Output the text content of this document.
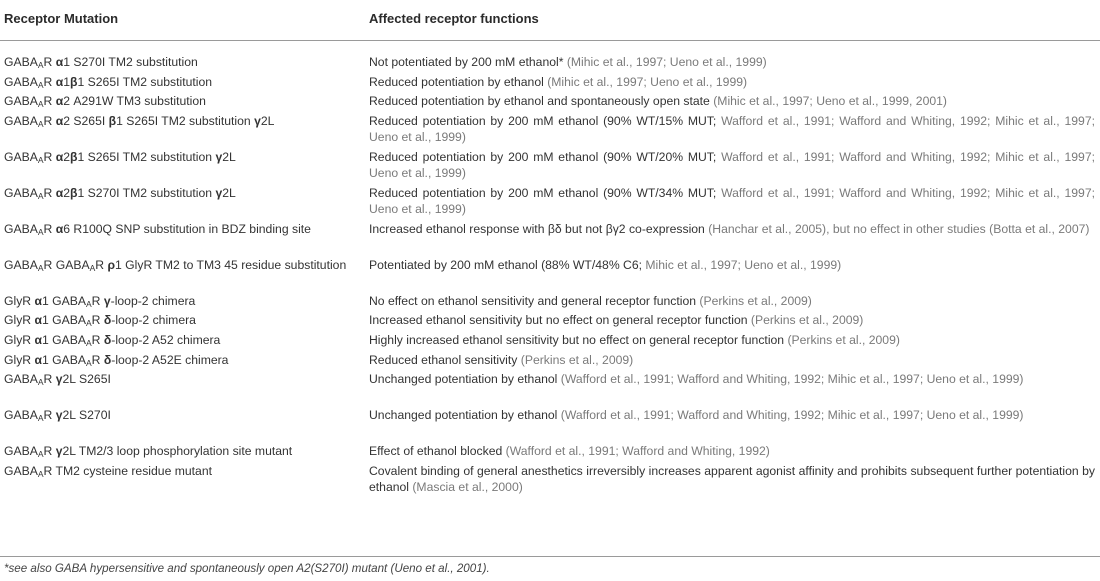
Receptor Mutation	Affected receptor functions
$GABA_AR$ α1 S270I TM2 substitution	Not potentiated by 200 mM ethanol* (Mihic et al., 1997; Ueno et al., 1999)
$GABA_AR$ α1β1 S265I TM2 substitution	Reduced potentiation by ethanol (Mihic et al., 1997; Ueno et al., 1999)
$GABA_AR$ α2 A291W TM3 substitution	Reduced potentiation by ethanol and spontaneously open state (Mihic et al., 1997; Ueno et al., 1999, 2001)
$GABA_AR$ α2 S265I β1 S265I TM2 substitution γ2L	Reduced potentiation by 200 mM ethanol (90% WT/15% MUT; Wafford et al., 1991; Wafford and Whiting, 1992; Mihic et al., 1997; Ueno et al., 1999)
$GABA_AR$ α2β1 S265I TM2 substitution γ2L	Reduced potentiation by 200 mM ethanol (90% WT/20% MUT; Wafford et al., 1991; Wafford and Whiting, 1992; Mihic et al., 1997; Ueno et al., 1999)
$GABA_AR$ α2β1 S270I TM2 substitution γ2L	Reduced potentiation by 200 mM ethanol (90% WT/34% MUT; Wafford et al., 1991; Wafford and Whiting, 1992; Mihic et al., 1997; Ueno et al., 1999)
$GABA_AR$ α6 R100Q SNP substitution in BDZ binding site	Increased ethanol response with βδ but not βγ2 co-expression (Hanchar et al., 2005), but no effect in other studies (Botta et al., 2007)
$GABA_AR$ $GABA_AR$ ρ1 GlyR TM2 to TM3 45 residue substitution	Potentiated by 200 mM ethanol (88% WT/48% C6; Mihic et al., 1997; Ueno et al., 1999)
GlyR α1 $GABA_AR$ γ-loop-2 chimera	No effect on ethanol sensitivity and general receptor function (Perkins et al., 2009)
GlyR α1 $GABA_AR$ δ-loop-2 chimera	Increased ethanol sensitivity but no effect on general receptor function (Perkins et al., 2009)
GlyR α1 $GABA_AR$ δ-loop-2 A52 chimera	Highly increased ethanol sensitivity but no effect on general receptor function (Perkins et al., 2009)
GlyR α1 $GABA_AR$ δ-loop-2 A52E chimera	Reduced ethanol sensitivity (Perkins et al., 2009)
$GABA_AR$ γ2L S265I	Unchanged potentiation by ethanol (Wafford et al., 1991; Wafford and Whiting, 1992; Mihic et al., 1997; Ueno et al., 1999)
$GABA_AR$ γ2L S270I	Unchanged potentiation by ethanol (Wafford et al., 1991; Wafford and Whiting, 1992; Mihic et al., 1997; Ueno et al., 1999)
$GABA_AR$ γ2L TM2/3 loop phosphorylation site mutant	Effect of ethanol blocked (Wafford et al., 1991; Wafford and Whiting, 1992)
$GABA_AR$ TM2 cysteine residue mutant	Covalent binding of general anesthetics irreversibly increases apparent agonist affinity and prohibits subsequent further potentiation by ethanol (Mascia et al., 2000)
*see also GABA hypersensitive and spontaneously open A2(S270I) mutant (Ueno et al., 2001).
